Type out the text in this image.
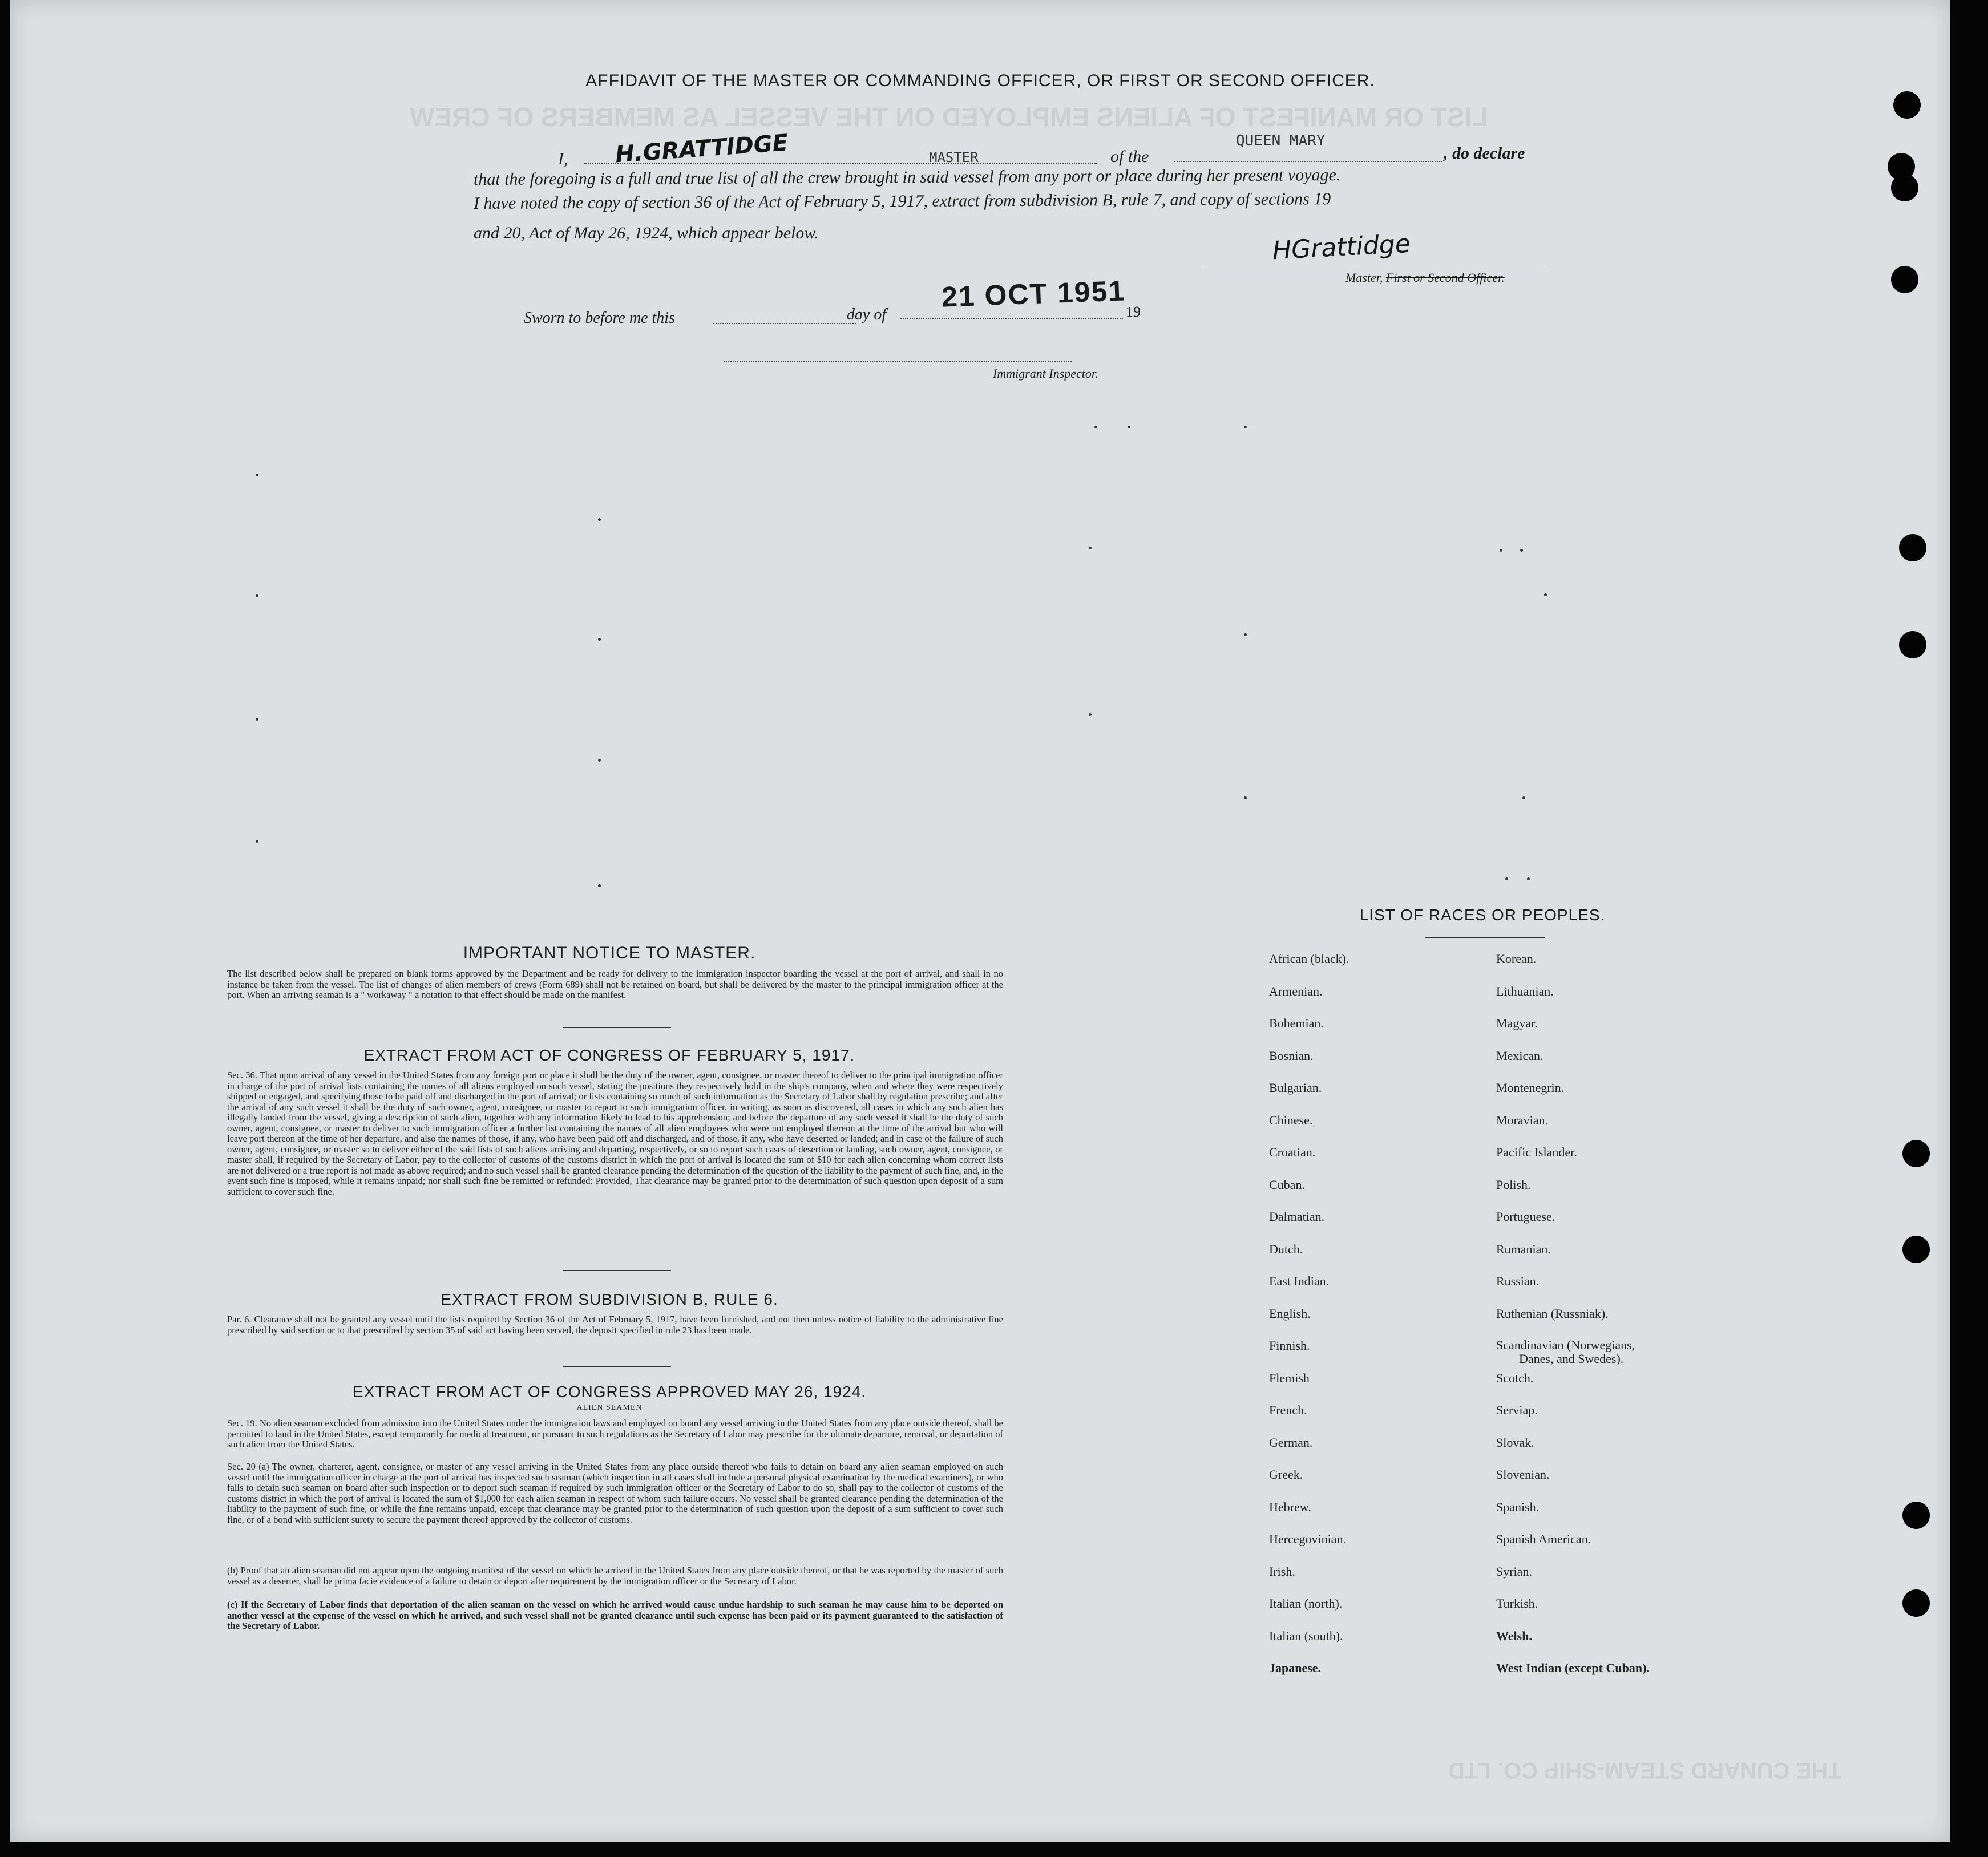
LIST OR MANIFEST OF ALIENS EMPLOYED ON THE VESSEL AS MEMBERS OF CREW
THE CUNARD STEAM-SHIP CO. LTD
AFFIDAVIT OF THE MASTER OR COMMANDING OFFICER, OR FIRST OR SECOND OFFICER.
I, H.GRATTIDGE	MASTER	of the
QUEEN MARY
, do declare
that the foregoing is a full and true list of all the crew brought in said vessel from any port or place during her present voyage.
I have noted the copy of section 36 of the Act of February 5, 1917, extract from subdivision B, rule 7, and copy of sections 19
and 20, Act of May 26, 1924, which appear below.	HGrattidge
Master, First or Second Officer.
Sworn to before me this	day of
21 OCT 1951 19
Immigrant Inspector.
IMPORTANT NOTICE TO MASTER.
The list described below shall be prepared on blank forms approved by the Department and be ready for delivery to the immigration inspector boarding the vessel at the port of arrival, and shall in no instance be taken from the vessel. The list of changes of alien members of crews (Form 689) shall not be retained on board, but shall be delivered by the master to the principal immigration officer at the port. When an arriving seaman is a " workaway " a notation to that effect should be made on the manifest.
EXTRACT FROM ACT OF CONGRESS OF FEBRUARY 5, 1917.
Sec. 36. That upon arrival of any vessel in the United States from any foreign port or place it shall be the duty of the owner, agent, consignee, or master thereof to deliver to the principal immigration officer in charge of the port of arrival lists containing the names of all aliens employed on such vessel, stating the positions they respectively hold in the ship's company, when and where they were respectively shipped or engaged, and specifying those to be paid off and discharged in the port of arrival; or lists containing so much of such information as the Secretary of Labor shall by regulation prescribe; and after the arrival of any such vessel it shall be the duty of such owner, agent, consignee, or master to report to such immigration officer, in writing, as soon as discovered, all cases in which any such alien has illegally landed from the vessel, giving a description of such alien, together with any information likely to lead to his apprehension; and before the departure of any such vessel it shall be the duty of such owner, agent, consignee, or master to deliver to such immigration officer a further list containing the names of all alien employees who were not employed thereon at the time of the arrival but who will leave port thereon at the time of her departure, and also the names of those, if any, who have been paid off and discharged, and of those, if any, who have deserted or landed; and in case of the failure of such owner, agent, consignee, or master so to deliver either of the said lists of such aliens arriving and departing, respectively, or so to report such cases of desertion or landing, such owner, agent, consignee, or master shall, if required by the Secretary of Labor, pay to the collector of customs of the customs district in which the port of arrival is located the sum of $10 for each alien concerning whom correct lists are not delivered or a true report is not made as above required; and no such vessel shall be granted clearance pending the determination of the question of the liability to the payment of such fine, and, in the event such fine is imposed, while it remains unpaid; nor shall such fine be remitted or refunded: Provided, That clearance may be granted prior to the determination of such question upon deposit of a sum sufficient to cover such fine.
EXTRACT FROM SUBDIVISION B, RULE 6.
Par. 6. Clearance shall not be granted any vessel until the lists required by Section 36 of the Act of February 5, 1917, have been furnished, and not then unless notice of liability to the administrative fine prescribed by said section or to that prescribed by section 35 of said act having been served, the deposit specified in rule 23 has been made.
EXTRACT FROM ACT OF CONGRESS APPROVED MAY 26, 1924.
ALIEN SEAMEN
Sec. 19. No alien seaman excluded from admission into the United States under the immigration laws and employed on board any vessel arriving in the United States from any place outside thereof, shall be permitted to land in the United States, except temporarily for medical treatment, or pursuant to such regulations as the Secretary of Labor may prescribe for the ultimate departure, removal, or deportation of such alien from the United States.
Sec. 20 (a) The owner, charterer, agent, consignee, or master of any vessel arriving in the United States from any place outside thereof who fails to detain on board any alien seaman employed on such vessel until the immigration officer in charge at the port of arrival has inspected such seaman (which inspection in all cases shall include a personal physical examination by the medical examiners), or who fails to detain such seaman on board after such inspection or to deport such seaman if required by such immigration officer or the Secretary of Labor to do so, shall pay to the collector of customs of the customs district in which the port of arrival is located the sum of $1,000 for each alien seaman in respect of whom such failure occurs. No vessel shall be granted clearance pending the determination of the liability to the payment of such fine, or while the fine remains unpaid, except that clearance may be granted prior to the determination of such question upon the deposit of a sum sufficient to cover such fine, or of a bond with sufficient surety to secure the payment thereof approved by the collector of customs.
(b) Proof that an alien seaman did not appear upon the outgoing manifest of the vessel on which he arrived in the United States from any place outside thereof, or that he was reported by the master of such vessel as a deserter, shall be prima facie evidence of a failure to detain or deport after requirement by the immigration officer or the Secretary of Labor.
(c) If the Secretary of Labor finds that deportation of the alien seaman on the vessel on which he arrived would cause undue hardship to such seaman he may cause him to be deported on another vessel at the expense of the vessel on which he arrived, and such vessel shall not be granted clearance until such expense has been paid or its payment guaranteed to the satisfaction of the Secretary of Labor.
LIST OF RACES OR PEOPLES.
African (black).
Armenian.
Bohemian.
Bosnian.
Bulgarian.
Chinese.
Croatian.
Cuban.
Dalmatian.
Dutch.
East Indian.
English.
Finnish.
Flemish
French.
German.
Greek.
Hebrew.
Hercegovinian.
Irish.
Italian (north).
Italian (south).
Japanese.
Korean.
Lithuanian.
Magyar.
Mexican.
Montenegrin.
Moravian.
Pacific Islander.
Polish.
Portuguese.
Rumanian.
Russian.
Ruthenian (Russniak).
Scandinavian (Norwegians,
Danes, and Swedes).
Scotch.
Serviap.
Slovak.
Slovenian.
Spanish.
Spanish American.
Syrian.
Turkish.
Welsh.
West Indian (except Cuban).
